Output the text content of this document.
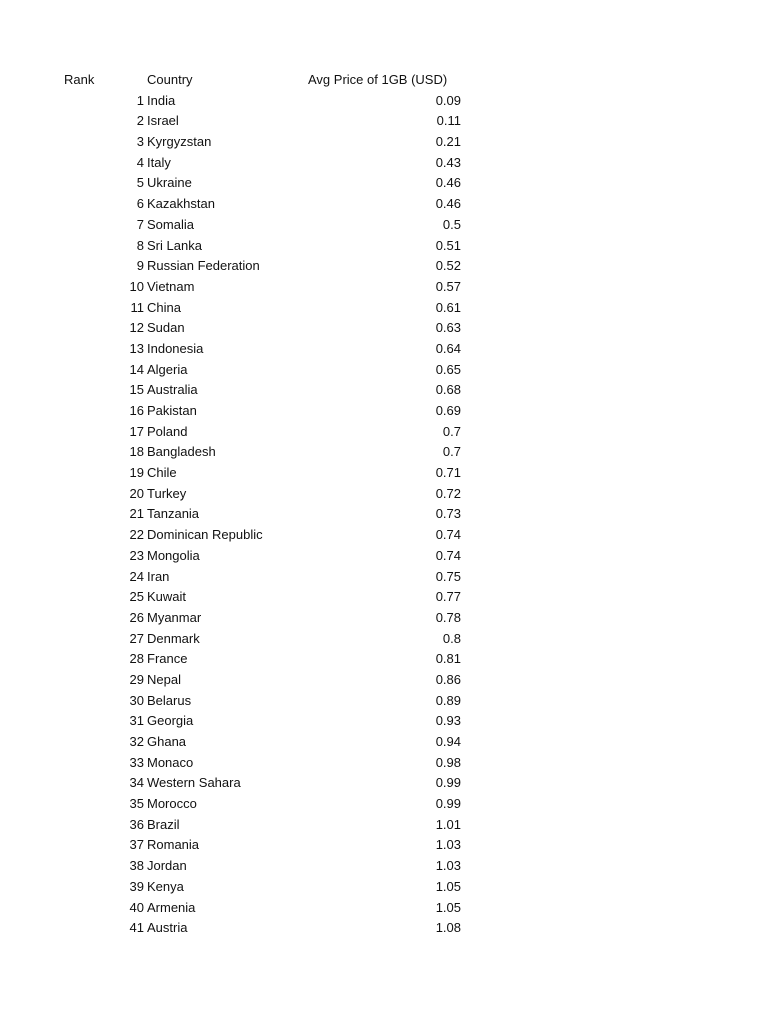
Rank	Country	Avg Price of 1GB (USD)
1 India	0.09
2 Israel	0.11
3 Kyrgyzstan	0.21
4 Italy	0.43
5 Ukraine	0.46
6 Kazakhstan	0.46
7 Somalia	0.5
8 Sri Lanka	0.51
9 Russian Federation	0.52
10 Vietnam	0.57
11 China	0.61
12 Sudan	0.63
13 Indonesia	0.64
14 Algeria	0.65
15 Australia	0.68
16 Pakistan	0.69
17 Poland	0.7
18 Bangladesh	0.7
19 Chile	0.71
20 Turkey	0.72
21 Tanzania	0.73
22 Dominican Republic	0.74
23 Mongolia	0.74
24 Iran	0.75
25 Kuwait	0.77
26 Myanmar	0.78
27 Denmark	0.8
28 France	0.81
29 Nepal	0.86
30 Belarus	0.89
31 Georgia	0.93
32 Ghana	0.94
33 Monaco	0.98
34 Western Sahara	0.99
35 Morocco	0.99
36 Brazil	1.01
37 Romania	1.03
38 Jordan	1.03
39 Kenya	1.05
40 Armenia	1.05
41 Austria	1.08
